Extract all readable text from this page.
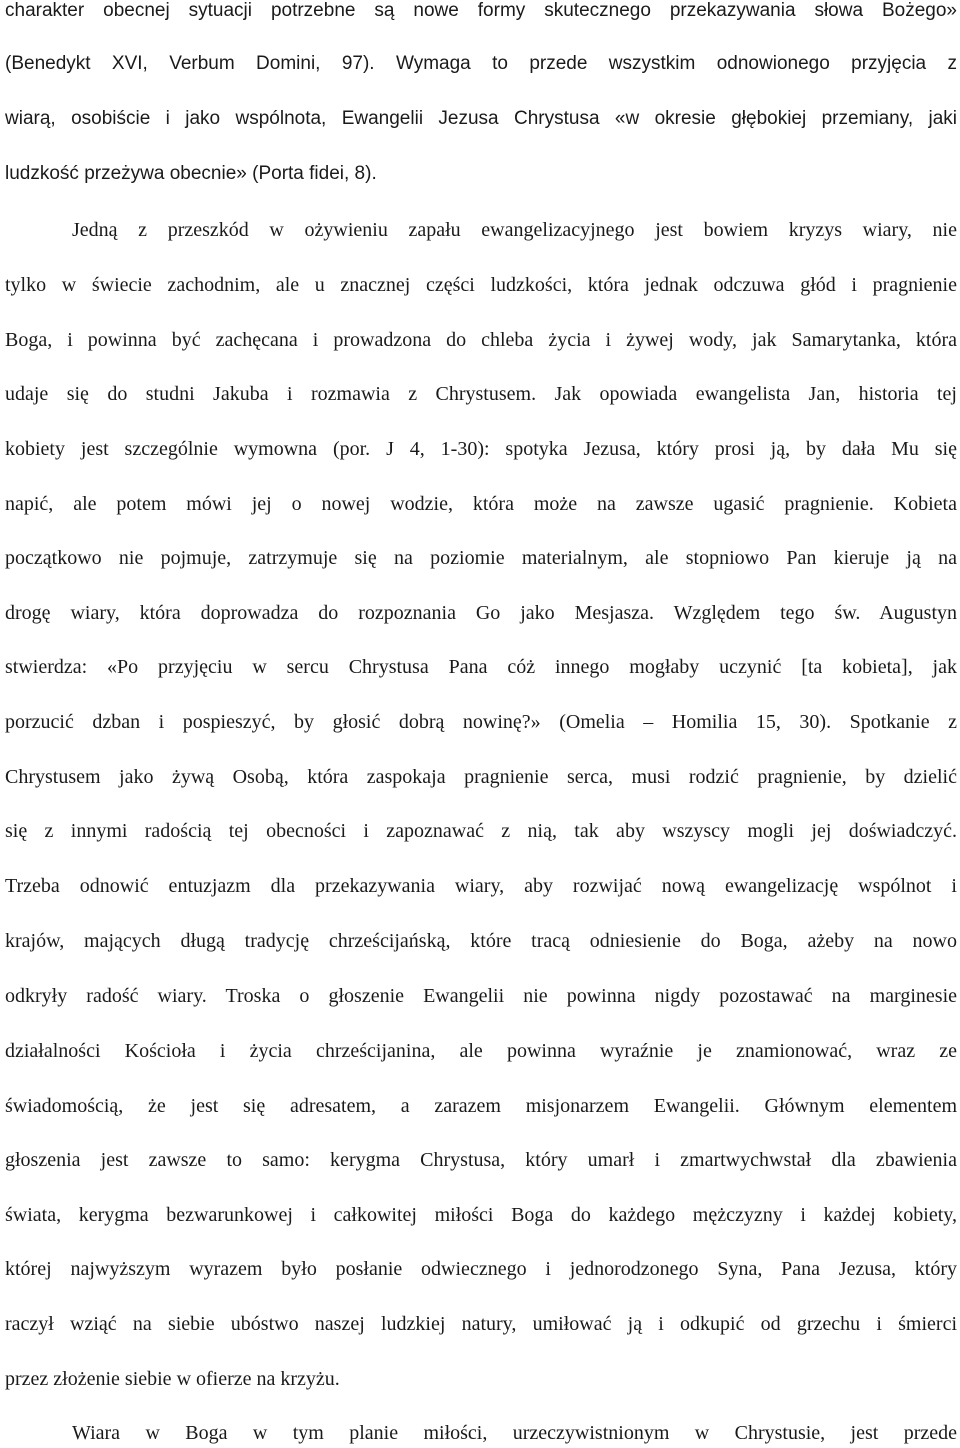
charakter obecnej sytuacji potrzebne są nowe formy skutecznego przekazywania słowa Bożego»
(Benedykt XVI, Verbum Domini, 97). Wymaga to przede wszystkim odnowionego przyjęcia z
wiarą, osobiście i jako wspólnota, Ewangelii Jezusa Chrystusa «w okresie głębokiej przemiany, jaki
ludzkość przeżywa obecnie» (Porta fidei, 8).
Jedną z przeszkód w ożywieniu zapału ewangelizacyjnego jest bowiem kryzys wiary, nie
tylko w świecie zachodnim, ale u znacznej części ludzkości, która jednak odczuwa głód i pragnienie
Boga, i powinna być zachęcana i prowadzona do chleba życia i żywej wody, jak Samarytanka, która
udaje się do studni Jakuba i rozmawia z Chrystusem. Jak opowiada ewangelista Jan, historia tej
kobiety jest szczególnie wymowna (por. J 4, 1-30): spotyka Jezusa, który prosi ją, by dała Mu się
napić, ale potem mówi jej o nowej wodzie, która może na zawsze ugasić pragnienie. Kobieta
początkowo nie pojmuje, zatrzymuje się na poziomie materialnym, ale stopniowo Pan kieruje ją na
drogę wiary, która doprowadza do rozpoznania Go jako Mesjasza. Względem tego św. Augustyn
stwierdza: «Po przyjęciu w sercu Chrystusa Pana cóż innego mogłaby uczynić [ta kobieta], jak
porzucić dzban i pospieszyć, by głosić dobrą nowinę?» (Omelia – Homilia 15, 30). Spotkanie z
Chrystusem jako żywą Osobą, która zaspokaja pragnienie serca, musi rodzić pragnienie, by dzielić
się z innymi radością tej obecności i zapoznawać z nią, tak aby wszyscy mogli jej doświadczyć.
Trzeba odnowić entuzjazm dla przekazywania wiary, aby rozwijać nową ewangelizację wspólnot i
krajów, mających długą tradycję chrześcijańską, które tracą odniesienie do Boga, ażeby na nowo
odkryły radość wiary. Troska o głoszenie Ewangelii nie powinna nigdy pozostawać na marginesie
działalności Kościoła i życia chrześcijanina, ale powinna wyraźnie je znamionować, wraz ze
świadomością, że jest się adresatem, a zarazem misjonarzem Ewangelii. Głównym elementem
głoszenia jest zawsze to samo: kerygma Chrystusa, który umarł i zmartwychwstał dla zbawienia
świata, kerygma bezwarunkowej i całkowitej miłości Boga do każdego mężczyzny i każdej kobiety,
której najwyższym wyrazem było posłanie odwiecznego i jednorodzonego Syna, Pana Jezusa, który
raczył wziąć na siebie ubóstwo naszej ludzkiej natury, umiłować ją i odkupić od grzechu i śmierci
przez złożenie siebie w ofierze na krzyżu.
Wiara w Boga w tym planie miłości, urzeczywistnionym w Chrystusie, jest przede
